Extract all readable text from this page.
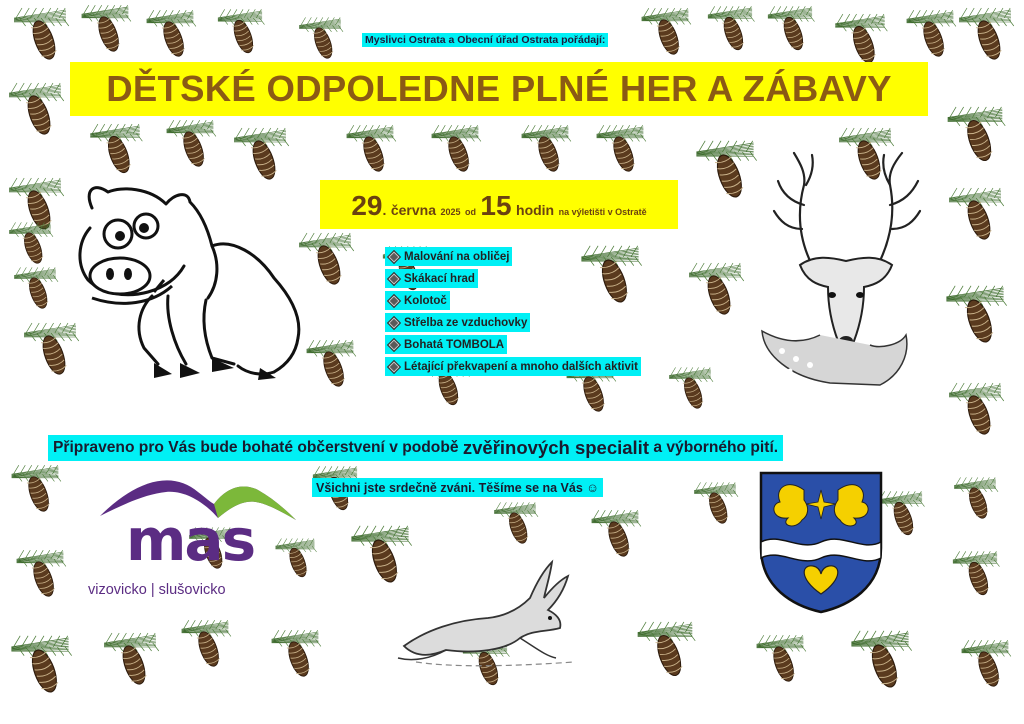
Myslivci Ostrata a Obecní úřad Ostrata pořádají:
DĚTSKÉ ODPOLEDNE PLNÉ HER A ZÁBAVY
29 .
června
2025
od
15
hodin
na výletišti v Ostratě
Malování na obličej
Skákací hrad
Kolotoč
Střelba ze vzduchovky
Bohatá TOMBOLA
Létající překvapení a mnoho dalších aktivit
Připraveno pro Vás bude bohaté občerstvení v podobě
zvěřinových specialit
a výborného pití.
Všichni jste srdečně zváni. Těšíme se na Vás ☺
mas
vizovicko | slušovicko
